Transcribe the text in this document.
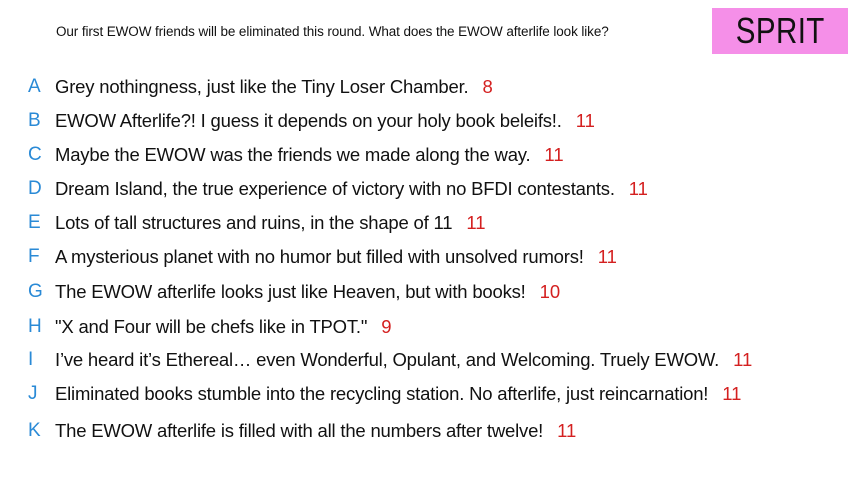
Our first EWOW friends will be eliminated this round. What does the EWOW afterlife look like?	SPRIT
A Grey nothingness, just like the Tiny Loser Chamber. 8
B EWOW Afterlife?! I guess it depends on your holy book beleifs!. 11
C Maybe the EWOW was the friends we made along the way. 11
D Dream Island, the true experience of victory with no BFDI contestants. 11
E Lots of tall structures and ruins, in the shape of 11 11
F A mysterious planet with no humor but filled with unsolved rumors! 11
G The EWOW afterlife looks just like Heaven, but with books! 10
H "X and Four will be chefs like in TPOT." 9
I	I’ve heard it’s Ethereal… even Wonderful, Opulant, and Welcoming. Truely EWOW. 11
J Eliminated books stumble into the recycling station. No afterlife, just reincarnation! 11
K The EWOW afterlife is filled with all the numbers after twelve! 11
